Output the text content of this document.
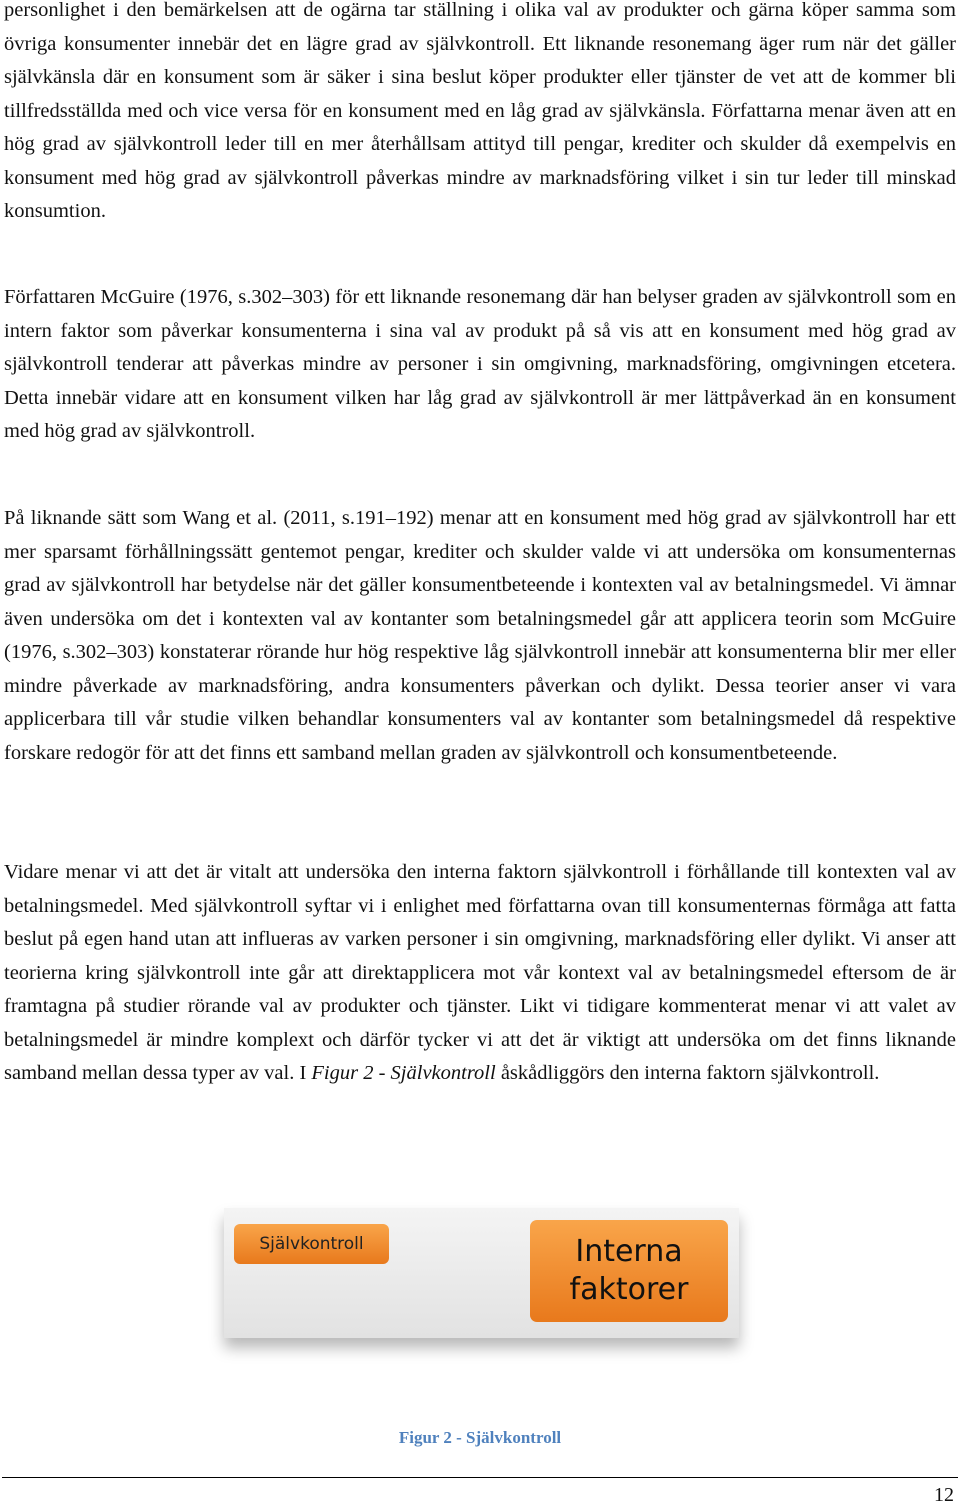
personlighet i den bemärkelsen att de ogärna tar ställning i olika val av produkter och gärna köper samma som övriga konsumenter innebär det en lägre grad av självkontroll. Ett liknande resonemang äger rum när det gäller självkänsla där en konsument som är säker i sina beslut köper produkter eller tjänster de vet att de kommer bli tillfredsställda med och vice versa för en konsument med en låg grad av självkänsla. Författarna menar även att en hög grad av självkontroll leder till en mer återhållsam attityd till pengar, krediter och skulder då exempelvis en konsument med hög grad av självkontroll påverkas mindre av marknadsföring vilket i sin tur leder till minskad konsumtion.

Författaren McGuire (1976, s.302–303) för ett liknande resonemang där han belyser graden av självkontroll som en intern faktor som påverkar konsumenterna i sina val av produkt på så vis att en konsument med hög grad av självkontroll tenderar att påverkas mindre av personer i sin omgivning, marknadsföring, omgivningen etcetera. Detta innebär vidare att en konsument vilken har låg grad av självkontroll är mer lättpåverkad än en konsument med hög grad av självkontroll.

På liknande sätt som Wang et al. (2011, s.191–192) menar att en konsument med hög grad av självkontroll har ett mer sparsamt förhållningssätt gentemot pengar, krediter och skulder valde vi att undersöka om konsumenternas grad av självkontroll har betydelse när det gäller konsumentbeteende i kontexten val av betalningsmedel. Vi ämnar även undersöka om det i kontexten val av kontanter som betalningsmedel går att applicera teorin som McGuire (1976, s.302–303) konstaterar rörande hur hög respektive låg självkontroll innebär att konsumenterna blir mer eller mindre påverkade av marknadsföring, andra konsumenters påverkan och dylikt. Dessa teorier anser vi vara applicerbara till vår studie vilken behandlar konsumenters val av kontanter som betalningsmedel då respektive forskare redogör för att det finns ett samband mellan graden av självkontroll och konsumentbeteende.

Vidare menar vi att det är vitalt att undersöka den interna faktorn självkontroll i förhållande till kontexten val av betalningsmedel. Med självkontroll syftar vi i enlighet med författarna ovan till konsumenternas förmåga att fatta beslut på egen hand utan att influeras av varken personer i sin omgivning, marknadsföring eller dylikt. Vi anser att teorierna kring självkontroll inte går att direktapplicera mot vår kontext val av betalningsmedel eftersom de är framtagna på studier rörande val av produkter och tjänster. Likt vi tidigare kommenterat menar vi att valet av betalningsmedel är mindre komplext och därför tycker vi att det är viktigt att undersöka om det finns liknande samband mellan dessa typer av val. I Figur 2 - Självkontroll åskådliggörs den interna faktorn självkontroll.

Självkontroll	Interna
faktorer
Figur 2 - Självkontroll
12
